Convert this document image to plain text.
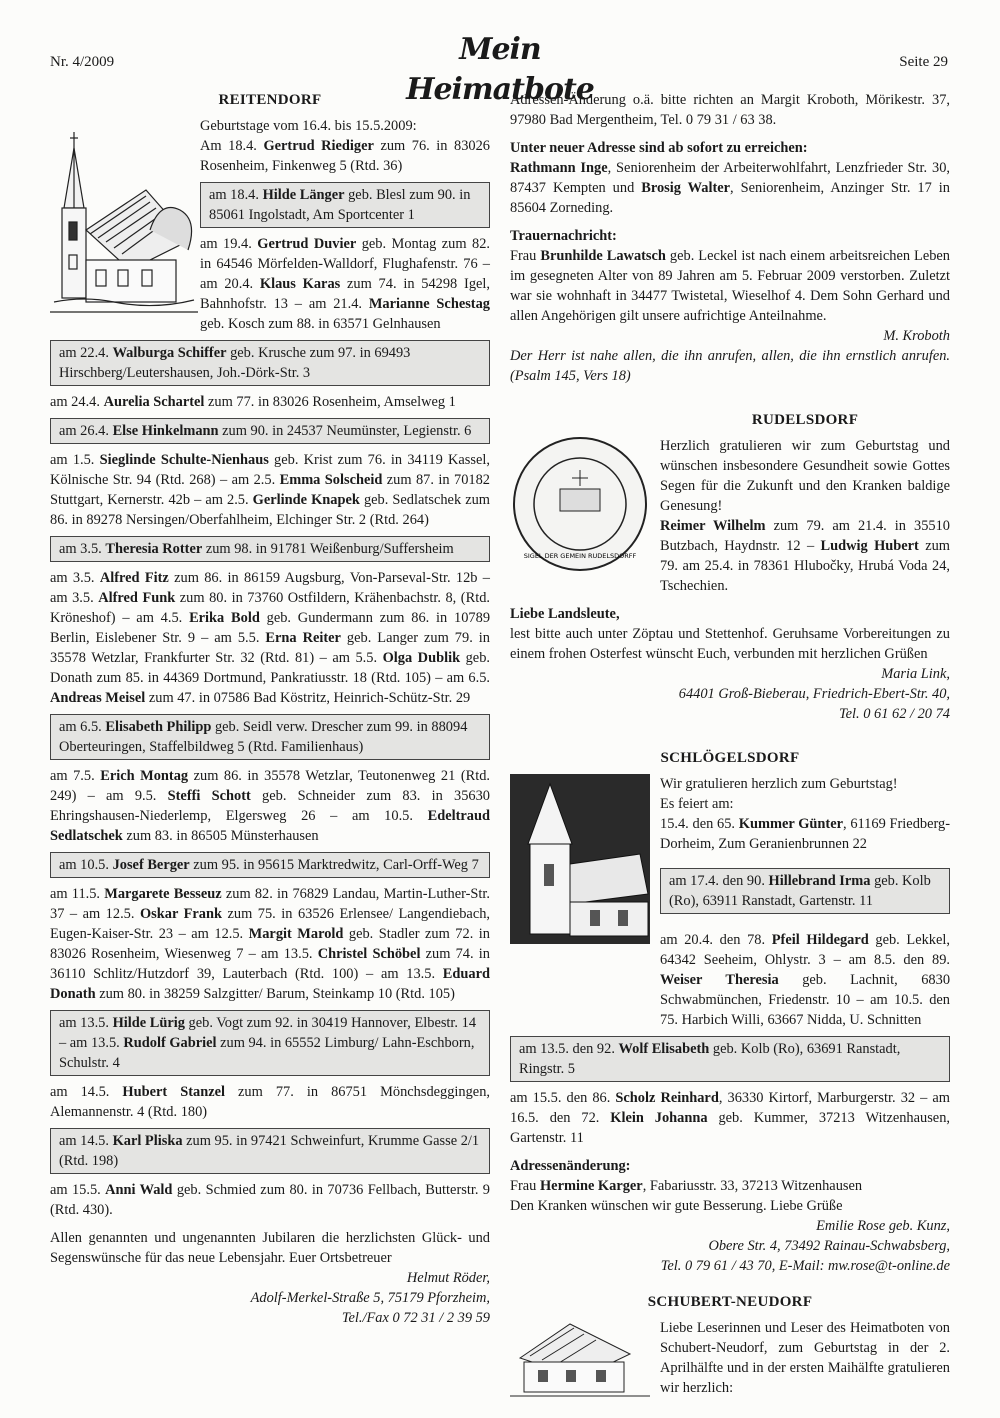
Nr. 4/2009	Mein Heimatbote
Seite 29
REITENDORF
Geburtstage vom 16.4. bis 15.5.2009:
Am 18.4. Gertrud Riediger zum 76. in 83026 Rosenheim, Finkenweg 5 (Rtd. 36)
am 18.4. Hilde Länger geb. Blesl zum 90. in 85061 Ingolstadt, Am Sportcenter 1
am 19.4. Gertrud Duvier geb. Montag zum 82. in 64546 Mörfelden-Walldorf, Flughafenstr. 76 – am 20.4. Klaus Karas zum 74. in 54298 Igel, Bahnhofstr. 13 – am 21.4. Marianne Schestag geb. Kosch zum 88. in 63571 Gelnhausen
am 22.4. Walburga Schiffer geb. Krusche zum 97. in 69493 Hirschberg/Leutershausen, Joh.-Dörk-Str. 3
am 24.4. Aurelia Schartel zum 77. in 83026 Rosenheim, Amselweg 1
am 26.4. Else Hinkelmann zum 90. in 24537 Neumünster, Legienstr. 6
am 1.5. Sieglinde Schulte-Nienhaus geb. Krist zum 76. in 34119 Kassel, Kölnische Str. 94 (Rtd. 268) – am 2.5. Emma Solscheid zum 87. in 70182 Stuttgart, Kernerstr. 42b – am 2.5. Gerlinde Knapek geb. Sedlatschek zum 86. in 89278 Nersingen/Oberfahlheim, Elchinger Str. 2 (Rtd. 264)
am 3.5. Theresia Rotter zum 98. in 91781 Weißenburg/Suffersheim
am 3.5. Alfred Fitz zum 86. in 86159 Augsburg, Von-Parseval-Str. 12b – am 3.5. Alfred Funk zum 80. in 73760 Ostfildern, Krähenbachstr. 8, (Rtd. Kröneshof) – am 4.5. Erika Bold geb. Gundermann zum 86. in 10789 Berlin, Eislebener Str. 9 – am 5.5. Erna Reiter geb. Langer zum 79. in 35578 Wetzlar, Frankfurter Str. 32 (Rtd. 81) – am 5.5. Olga Dublik geb. Donath zum 85. in 44369 Dortmund, Pankratiusstr. 18 (Rtd. 105) – am 6.5. Andreas Meisel zum 47. in 07586 Bad Köstritz, Heinrich-Schütz-Str. 29
am 6.5. Elisabeth Philipp geb. Seidl verw. Drescher zum 99. in 88094 Oberteuringen, Staffelbildweg 5 (Rtd. Familienhaus)
am 7.5. Erich Montag zum 86. in 35578 Wetzlar, Teutonenweg 21 (Rtd. 249) – am 9.5. Steffi Schott geb. Schneider zum 83. in 35630 Ehringshausen-Niederlemp, Elgersweg 26 – am 10.5. Edeltraud Sedlatschek zum 83. in 86505 Münsterhausen
am 10.5. Josef Berger zum 95. in 95615 Marktredwitz, Carl-Orff-Weg 7
am 11.5. Margarete Besseuz zum 82. in 76829 Landau, Martin-Luther-Str. 37 – am 12.5. Oskar Frank zum 75. in 63526 Erlensee/ Langendiebach, Eugen-Kaiser-Str. 23 – am 12.5. Margit Marold geb. Stadler zum 72. in 83026 Rosenheim, Wiesenweg 7 – am 13.5. Christel Schöbel zum 74. in 36110 Schlitz/Hutzdorf 39, Lauterbach (Rtd. 100) – am 13.5. Eduard Donath zum 80. in 38259 Salzgitter/ Barum, Steinkamp 10 (Rtd. 105)
am 13.5. Hilde Lürig geb. Vogt zum 92. in 30419 Hannover, Elbestr. 14 – am 13.5. Rudolf Gabriel zum 94. in 65552 Limburg/ Lahn-Eschborn, Schulstr. 4
am 14.5. Hubert Stanzel zum 77. in 86751 Mönchsdeggingen, Alemannenstr. 4 (Rtd. 180)
am 14.5. Karl Pliska zum 95. in 97421 Schweinfurt, Krumme Gasse 2/1 (Rtd. 198)
am 15.5. Anni Wald geb. Schmied zum 80. in 70736 Fellbach, Butterstr. 9 (Rtd. 430).
Allen genannten und ungenannten Jubilaren die herzlichsten Glück- und Segenswünsche für das neue Lebensjahr. Euer Ortsbetreuer
Helmut Röder,
Adolf-Merkel-Straße 5, 75179 Pforzheim,
Tel./Fax 0 72 31 / 2 39 59
Adressen-Änderung o.ä. bitte richten an Margit Kroboth, Mörikestr. 37, 97980 Bad Mergentheim, Tel. 0 79 31 / 63 38.
Unter neuer Adresse sind ab sofort zu erreichen:
Rathmann Inge, Seniorenheim der Arbeiterwohlfahrt, Lenzfrieder Str. 30, 87437 Kempten und Brosig Walter, Seniorenheim, Anzinger Str. 17 in 85604 Zorneding.
Trauernachricht:
Frau Brunhilde Lawatsch geb. Leckel ist nach einem arbeitsreichen Leben im gesegneten Alter von 89 Jahren am 5. Februar 2009 verstorben. Zuletzt war sie wohnhaft in 34477 Twistetal, Wieselhof 4. Dem Sohn Gerhard und allen Angehörigen gilt unsere aufrichtige Anteilnahme.
M. Kroboth
Der Herr ist nahe allen, die ihn anrufen, allen, die ihn ernstlich anrufen. (Psalm 145, Vers 18)
SIGEL DER GEMEIN RUDELSDORFF
RUDELSDORF
Herzlich gratulieren wir zum Geburtstag und wünschen insbesondere Gesundheit sowie Gottes Segen für die Zukunft und den Kranken baldige Genesung!
Reimer Wilhelm zum 79. am 21.4. in 35510 Butzbach, Haydnstr. 12 – Ludwig Hubert zum 79. am 25.4. in 78361 Hlubočky, Hrubá Voda 24, Tschechien.
Liebe Landsleute,
lest bitte auch unter Zöptau und Stettenhof. Geruhsame Vorbereitungen zu einem frohen Osterfest wünscht Euch, verbunden mit herzlichen Grüßen
Maria Link,
64401 Groß-Bieberau, Friedrich-Ebert-Str. 40,
Tel. 0 61 62 / 20 74
SCHLÖGELSDORF
Wir gratulieren herzlich zum Geburtstag!
Es feiert am:
15.4. den 65. Kummer Günter, 61169 Friedberg-Dorheim, Zum Geranienbrunnen 22
am 17.4. den 90. Hillebrand Irma geb. Kolb (Ro), 63911 Ranstadt, Gartenstr. 11
am 20.4. den 78. Pfeil Hildegard geb. Lekkel, 64342 Seeheim, Ohlystr. 3 – am 8.5. den 89. Weiser Theresia geb. Lachnit, 6830 Schwabmünchen, Friedenstr. 10 – am 10.5. den 75. Harbich Willi, 63667 Nidda, U. Schnitten
am 13.5. den 92. Wolf Elisabeth geb. Kolb (Ro), 63691 Ranstadt, Ringstr. 5
am 15.5. den 86. Scholz Reinhard, 36330 Kirtorf, Marburgerstr. 32 – am 16.5. den 72. Klein Johanna geb. Kummer, 37213 Witzenhausen, Gartenstr. 11
Adressenänderung:
Frau Hermine Karger, Fabariusstr. 33, 37213 Witzenhausen
Den Kranken wünschen wir gute Besserung. Liebe Grüße
Emilie Rose geb. Kunz,
Obere Str. 4, 73492 Rainau-Schwabsberg,
Tel. 0 79 61 / 43 70, E-Mail: mw.rose@t-online.de
SCHUBERT-NEUDORF
Liebe Leserinnen und Leser des Heimatboten von Schubert-Neudorf, zum Geburtstag in der 2. Aprilhälfte und in der ersten Maihälfte gratulieren wir herzlich:
